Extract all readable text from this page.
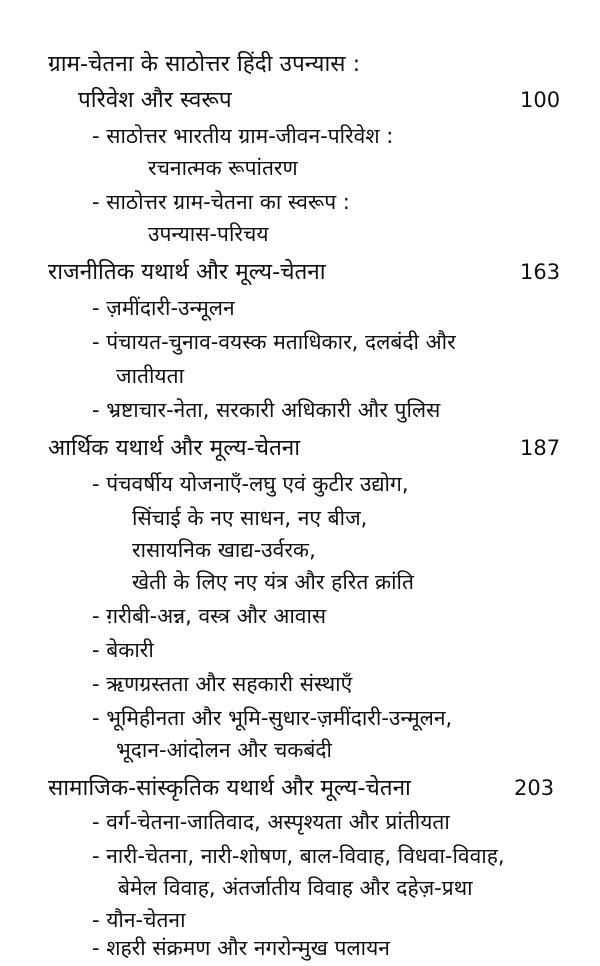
ग्राम-चेतना के साठोत्तर हिंदी उपन्यास :
परिवेश और स्वरूप	100
- साठोत्तर भारतीय ग्राम-जीवन-परिवेश :
रचनात्मक रूपांतरण
- साठोत्तर ग्राम-चेतना का स्वरूप :
उपन्यास-परिचय
राजनीतिक यथार्थ और मूल्य-चेतना	163
- ज़मींदारी-उन्मूलन
- पंचायत-चुनाव-वयस्क मताधिकार, दलबंदी और
जातीयता
- भ्रष्टाचार-नेता, सरकारी अधिकारी और पुलिस
आर्थिक यथार्थ और मूल्य-चेतना	187
- पंचवर्षीय योजनाएँ-लघु एवं कुटीर उद्योग,
सिंचाई के नए साधन, नए बीज,
रासायनिक खाद्य-उर्वरक,
खेती के लिए नए यंत्र और हरित क्रांति
- ग़रीबी-अन्न, वस्त्र और आवास
- बेकारी
- ऋणग्रस्तता और सहकारी संस्थाएँ
- भूमिहीनता और भूमि-सुधार-ज़मींदारी-उन्मूलन,
भूदान-आंदोलन और चकबंदी
सामाजिक-सांस्कृतिक यथार्थ और मूल्य-चेतना	203
- वर्ग-चेतना-जातिवाद, अस्पृश्यता और प्रांतीयता
- नारी-चेतना, नारी-शोषण, बाल-विवाह, विधवा-विवाह,
बेमेल विवाह, अंतर्जातीय विवाह और दहेज़-प्रथा
- यौन-चेतना
- शहरी संक्रमण और नगरोन्मुख पलायन
